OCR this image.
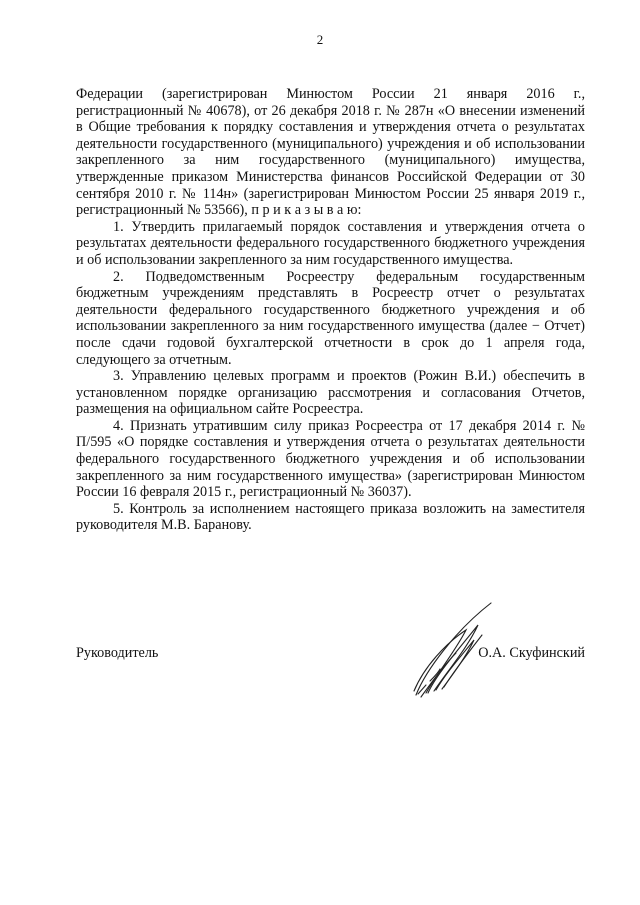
2

Федерации (зарегистрирован Минюстом России 21 января 2016 г., регистрационный № 40678), от 26 декабря 2018 г. № 287н «О внесении изменений в Общие требования к порядку составления и утверждения отчета о результатах деятельности государственного (муниципального) учреждения и об использовании закрепленного за ним государственного (муниципального) имущества, утвержденные приказом Министерства финансов Российской Федерации от 30 сентября 2010 г. № 114н» (зарегистрирован Минюстом России 25 января 2019 г., регистрационный № 53566), п р и к а з ы в а ю:

1. Утвердить прилагаемый порядок составления и утверждения отчета о результатах деятельности федерального государственного бюджетного учреждения и об использовании закрепленного за ним государственного имущества.

2. Подведомственным Росреестру федеральным государственным бюджетным учреждениям представлять в Росреестр отчет о результатах деятельности федерального государственного бюджетного учреждения и об использовании закрепленного за ним государственного имущества (далее − Отчет) после сдачи годовой бухгалтерской отчетности в срок до 1 апреля года, следующего за отчетным.

3. Управлению целевых программ и проектов (Рожин В.И.) обеспечить в установленном порядке организацию рассмотрения и согласования Отчетов, размещения на официальном сайте Росреестра.

4. Признать утратившим силу приказ Росреестра от 17 декабря 2014 г. № П/595 «О порядке составления и утверждения отчета о результатах деятельности федерального государственного бюджетного учреждения и об использовании закрепленного за ним государственного имущества» (зарегистрирован Минюстом России 16 февраля 2015 г., регистрационный № 36037).

5. Контроль за исполнением настоящего приказа возложить на заместителя руководителя М.В. Баранову.

Руководитель	О.А. Скуфинский
